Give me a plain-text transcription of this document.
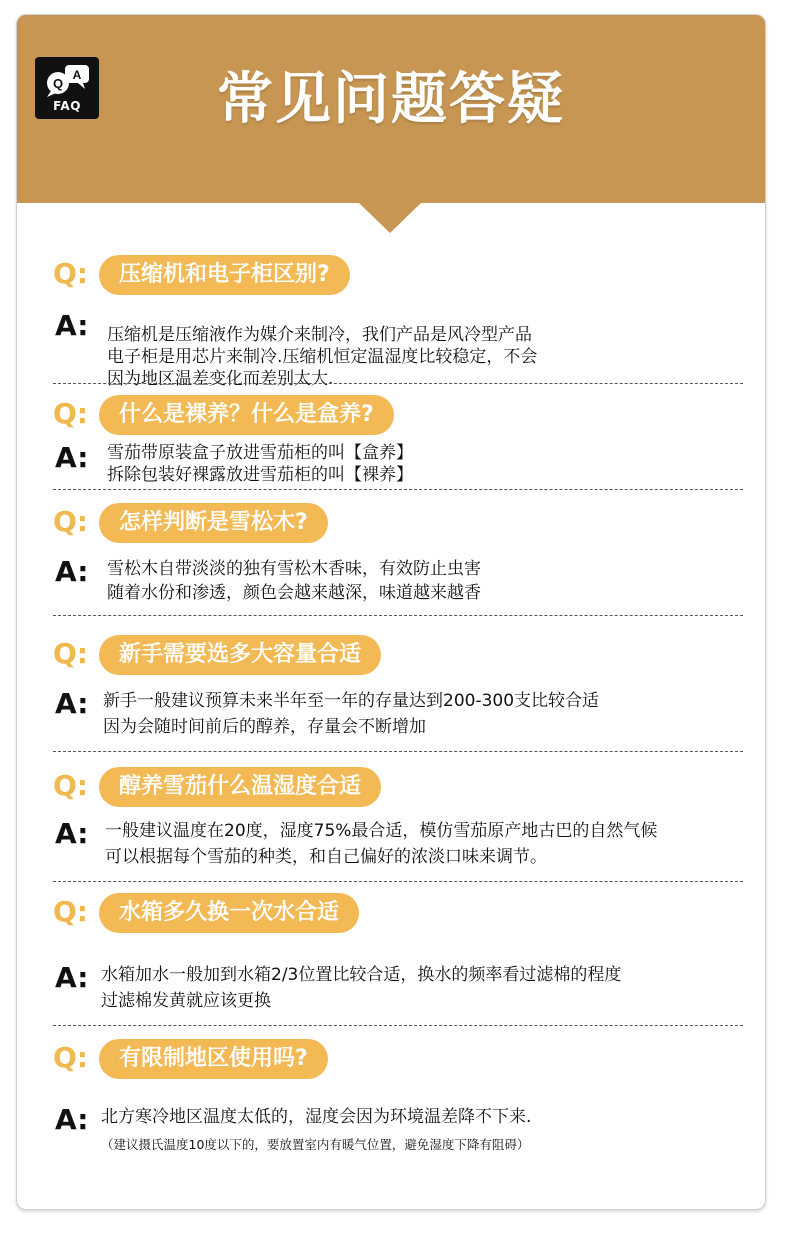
Q
A
FAQ	常见问题答疑
Q:	压缩机和电子柜区别?
A: 压缩机是压缩液作为媒介来制冷，我们产品是风冷型产品
电子柜是用芯片来制冷.压缩机恒定温湿度比较稳定，不会
因为地区温差变化而差别太大.
Q:	什么是裸养？什么是盒养?
A: 雪茄带原装盒子放进雪茄柜的叫【盒养】
拆除包装好裸露放进雪茄柜的叫【裸养】
Q:	怎样判断是雪松木?
A: 雪松木自带淡淡的独有雪松木香味，有效防止虫害
随着水份和渗透，颜色会越来越深，味道越来越香
Q:	新手需要选多大容量合适
A: 新手一般建议预算未来半年至一年的存量达到200-300支比较合适
因为会随时间前后的醇养，存量会不断增加
Q:	醇养雪茄什么温湿度合适
A: 一般建议温度在20度，湿度75%最合适，模仿雪茄原产地古巴的自然气候
可以根据每个雪茄的种类，和自己偏好的浓淡口味来调节。
Q:	水箱多久换一次水合适
A: 水箱加水一般加到水箱2/3位置比较合适，换水的频率看过滤棉的程度
过滤棉发黄就应该更换
Q:	有限制地区使用吗?
A: 北方寒冷地区温度太低的，湿度会因为环境温差降不下来.
（建议摄氏温度10度以下的，要放置室内有暖气位置，避免湿度下降有阻碍）
